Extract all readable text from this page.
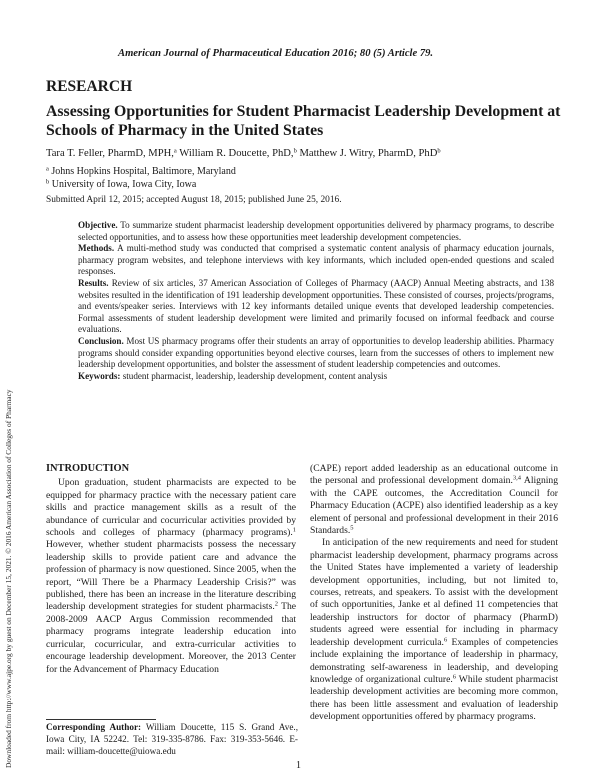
Downloaded from http://www.ajpe.org by guest on December 15, 2021. © 2016 American Association of Colleges of Pharmacy
American Journal of Pharmaceutical Education 2016; 80 (5) Article 79.
RESEARCH
Assessing Opportunities for Student Pharmacist Leadership Development at Schools of Pharmacy in the United States
Tara T. Feller, PharmD, MPH,$^a$ William R. Doucette, PhD,$^b$ Matthew J. Witry, PharmD, PhD$^b$
$^a$ Johns Hopkins Hospital, Baltimore, Maryland
$^b$ University of Iowa, Iowa City, Iowa
Submitted April 12, 2015; accepted August 18, 2015; published June 25, 2016.

Objective. To summarize student pharmacist leadership development opportunities delivered by pharmacy programs, to describe selected opportunities, and to assess how these opportunities meet leadership development competencies.

Methods. A multi-method study was conducted that comprised a systematic content analysis of pharmacy education journals, pharmacy program websites, and telephone interviews with key informants, which included open-ended questions and scaled responses.

Results. Review of six articles, 37 American Association of Colleges of Pharmacy (AACP) Annual Meeting abstracts, and 138 websites resulted in the identification of 191 leadership development opportunities. These consisted of courses, projects/programs, and events/speaker series. Interviews with 12 key informants detailed unique events that developed leadership competencies. Formal assessments of student leadership development were limited and primarily focused on informal feedback and course evaluations.

Conclusion. Most US pharmacy programs offer their students an array of opportunities to develop leadership abilities. Pharmacy programs should consider expanding opportunities beyond elective courses, learn from the successes of others to implement new leadership development opportunities, and bolster the assessment of student leadership competencies and outcomes.

Keywords: student pharmacist, leadership, leadership development, content analysis

INTRODUCTION

Upon graduation, student pharmacists are expected to be equipped for pharmacy practice with the necessary patient care skills and practice management skills as a result of the abundance of curricular and cocurricular activities provided by schools and colleges of pharmacy (pharmacy programs).$^1$ However, whether student pharmacists possess the necessary leadership skills to provide patient care and advance the profession of pharmacy is now questioned. Since 2005, when the report, “Will There be a Pharmacy Leadership Crisis?” was published, there has been an increase in the literature describing leadership development strategies for student pharmacists.$^2$ The 2008-2009 AACP Argus Commission recommended that pharmacy programs integrate leadership education into curricular, cocurricular, and extra-curricular activities to encourage leadership development. Moreover, the 2013 Center for the Advancement of Pharmacy Education

(CAPE) report added leadership as an educational outcome in the personal and professional development domain.$^{3,4}$ Aligning with the CAPE outcomes, the Accreditation Council for Pharmacy Education (ACPE) also identified leadership as a key element of personal and professional development in their 2016 Standards.$^5$

In anticipation of the new requirements and need for student pharmacist leadership development, pharmacy programs across the United States have implemented a variety of leadership development opportunities, including, but not limited to, courses, retreats, and speakers. To assist with the development of such opportunities, Janke et al defined 11 competencies that leadership instructors for doctor of pharmacy (PharmD) students agreed were essential for including in pharmacy leadership development curricula.$^6$ Examples of competencies include explaining the importance of leadership in pharmacy, demonstrating self-awareness in leadership, and developing knowledge of organizational culture.$^6$ While student pharmacist leadership development activities are becoming more common, there has been little assessment and evaluation of leadership development opportunities offered by pharmacy programs.

Corresponding Author: William Doucette, 115 S. Grand Ave., Iowa City, IA 52242. Tel: 319-335-8786. Fax: 319-353-5646. E-mail: william-doucette@uiowa.edu
1
